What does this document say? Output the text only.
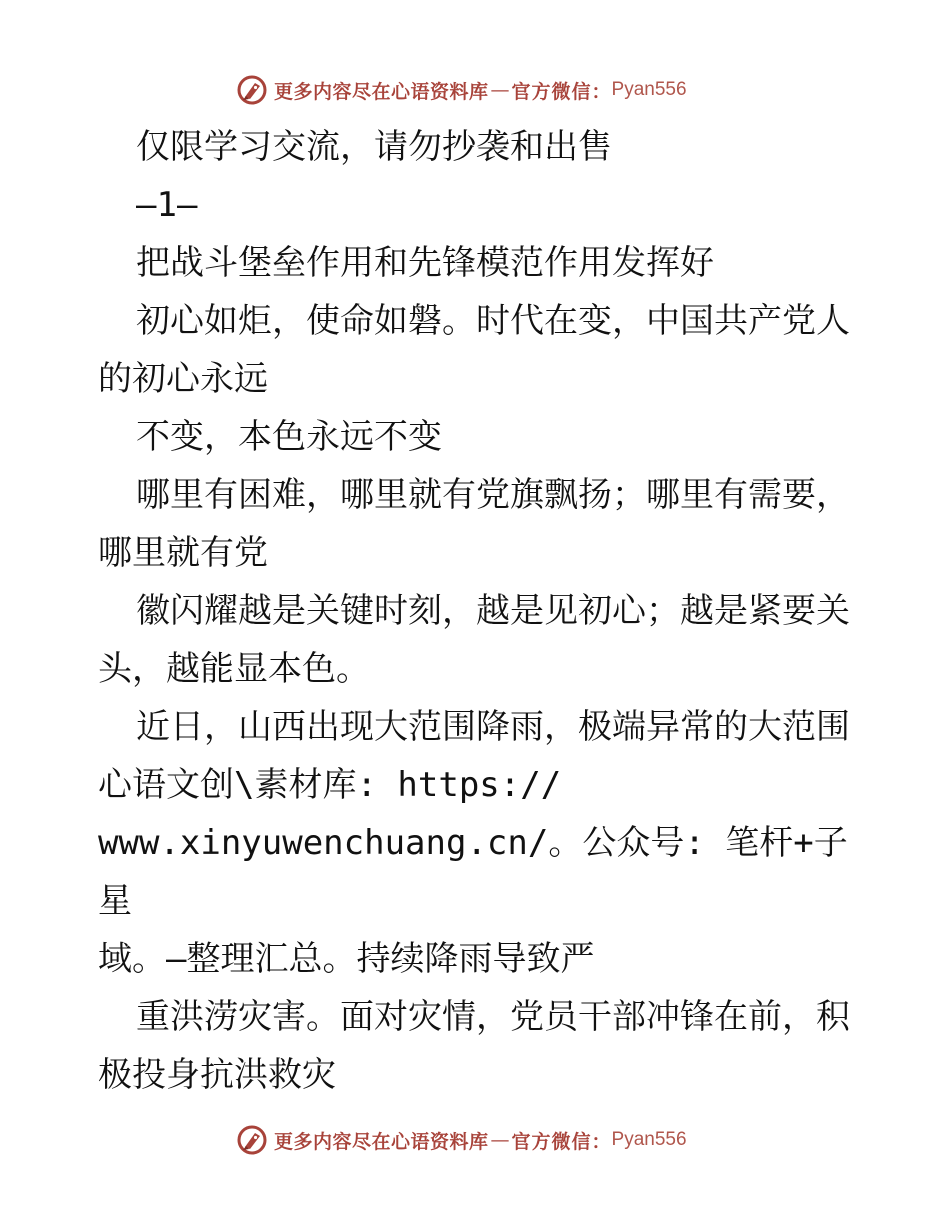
更多内容尽在心语资料库 — 官方微信： Pyan556

仅限学习交流，请勿抄袭和出售

—1—

把战斗堡垒作用和先锋模范作用发挥好

初心如炬，使命如磐。时代在变，中国共产党人

的初心永远

不变，本色永远不变

哪里有困难，哪里就有党旗飘扬；哪里有需要，

哪里就有党

徽闪耀越是关键时刻，越是见初心；越是紧要关

头，越能显本色。

近日，山西出现大范围降雨，极端异常的大范围

心语文创\素材库: https://

www.xinyuwenchuang.cn/。公众号: 笔杆+子星

域。—整理汇总。持续降雨导致严

重洪涝灾害。面对灾情，党员干部冲锋在前，积

极投身抗洪救灾

更多内容尽在心语资料库 — 官方微信： Pyan556
